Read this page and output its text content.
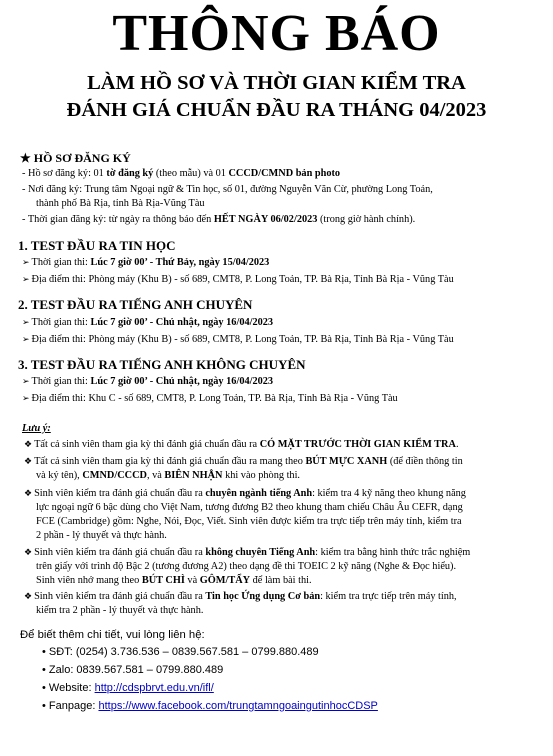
THÔNG BÁO
LÀM HỒ SƠ VÀ THỜI GIAN KIỂM TRA
ĐÁNH GIÁ CHUẨN ĐẦU RA THÁNG 04/2023
★ HỒ SƠ ĐĂNG KÝ
- Hồ sơ đăng ký: 01 tờ đăng ký (theo mẫu) và 01 CCCD/CMND bản photo
- Nơi đăng ký: Trung tâm Ngoại ngữ & Tin học, số 01, đường Nguyễn Văn Cừ, phường Long Toản,
thành phố Bà Rịa, tỉnh Bà Rịa-Vũng Tàu
- Thời gian đăng ký: từ ngày ra thông báo đến HẾT NGÀY 06/02/2023 (trong giờ hành chính).
1. TEST ĐẦU RA TIN HỌC
➢ Thời gian thi: Lúc 7 giờ 00’ - Thứ Bảy, ngày 15/04/2023
➢ Địa điểm thi: Phòng máy (Khu B) - số 689, CMT8, P. Long Toản, TP. Bà Rịa, Tỉnh Bà Rịa - Vũng Tàu
2. TEST ĐẦU RA TIẾNG ANH CHUYÊN
➢ Thời gian thi: Lúc 7 giờ 00’ - Chủ nhật, ngày 16/04/2023
➢ Địa điểm thi: Phòng máy (Khu B) - số 689, CMT8, P. Long Toản, TP. Bà Rịa, Tỉnh Bà Rịa - Vũng Tàu
3. TEST ĐẦU RA TIẾNG ANH KHÔNG CHUYÊN
➢ Thời gian thi: Lúc 7 giờ 00’ - Chủ nhật, ngày 16/04/2023
➢ Địa điểm thi: Khu C - số 689, CMT8, P. Long Toản, TP. Bà Rịa, Tỉnh Bà Rịa - Vũng Tàu
Lưu ý:
❖ Tất cả sinh viên tham gia kỳ thi đánh giá chuẩn đầu ra CÓ MẶT TRƯỚC THỜI GIAN KIỂM TRA.
❖ Tất cả sinh viên tham gia kỳ thi đánh giá chuẩn đầu ra mang theo BÚT MỰC XANH (để điền thông tin
và ký tên), CMND/CCCD, và BIÊN NHẬN khi vào phòng thi.
❖ Sinh viên kiểm tra đánh giá chuẩn đầu ra chuyên ngành tiếng Anh: kiểm tra 4 kỹ năng theo khung năng
lực ngoại ngữ 6 bậc dùng cho Việt Nam, tương đương B2 theo khung tham chiếu Châu Âu CEFR, dạng
FCE (Cambridge) gồm: Nghe, Nói, Đọc, Viết. Sinh viên được kiểm tra trực tiếp trên máy tính, kiểm tra
2 phần - lý thuyết và thực hành.
❖ Sinh viên kiểm tra đánh giá chuẩn đầu ra không chuyên Tiếng Anh: kiểm tra bằng hình thức trắc nghiệm
trên giấy với trình độ Bậc 2 (tương đương A2) theo dạng đề thi TOEIC 2 kỹ năng (Nghe & Đọc hiểu).
Sinh viên nhớ mang theo BÚT CHÌ và GÔM/TẨY để làm bài thi.
❖ Sinh viên kiểm tra đánh giá chuẩn đầu ra Tin học Ứng dụng Cơ bản: kiểm tra trực tiếp trên máy tính,
kiểm tra 2 phần - lý thuyết và thực hành.
Để biết thêm chi tiết, vui lòng liên hệ:
• SĐT: (0254) 3.736.536 – 0839.567.581 – 0799.880.489
• Zalo: 0839.567.581 – 0799.880.489
• Website: http://cdspbrvt.edu.vn/ifl/
• Fanpage: https://www.facebook.com/trungtamngoaingutinhocCDSP
